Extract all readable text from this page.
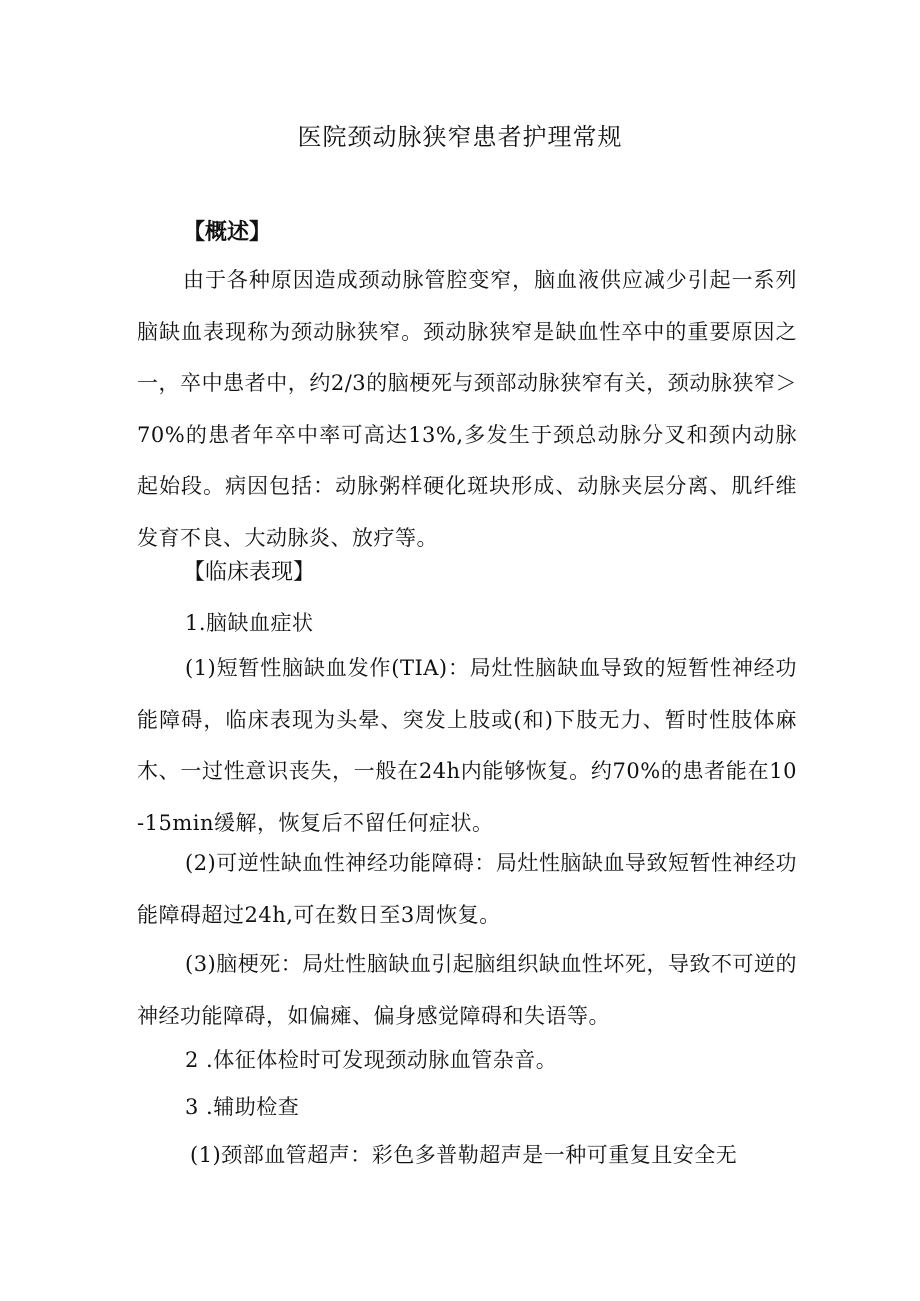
医院颈动脉狭窄患者护理常规
【概述】
由于各种原因造成颈动脉管腔变窄，脑血液供应减少引起一系列脑缺血表现称为颈动脉狭窄。颈动脉狭窄是缺血性卒中的重要原因之一，卒中患者中，约2/3的脑梗死与颈部动脉狭窄有关，颈动脉狭窄＞70%的患者年卒中率可高达13%,多发生于颈总动脉分叉和颈内动脉起始段。病因包括：动脉粥样硬化斑块形成、动脉夹层分离、肌纤维发育不良、大动脉炎、放疗等。
【临床表现】
1.脑缺血症状
(1)短暂性脑缺血发作(TIA)：局灶性脑缺血导致的短暂性神经功能障碍，临床表现为头晕、突发上肢或(和)下肢无力、暂时性肢体麻木、一过性意识丧失，一般在24h内能够恢复。约70%的患者能在10-15min缓解，恢复后不留任何症状。
(2)可逆性缺血性神经功能障碍：局灶性脑缺血导致短暂性神经功能障碍超过24h,可在数日至3周恢复。
(3)脑梗死：局灶性脑缺血引起脑组织缺血性坏死，导致不可逆的神经功能障碍，如偏瘫、偏身感觉障碍和失语等。
2 .体征体检时可发现颈动脉血管杂音。
3 .辅助检查
(1)颈部血管超声：彩色多普勒超声是一种可重复且安全无
